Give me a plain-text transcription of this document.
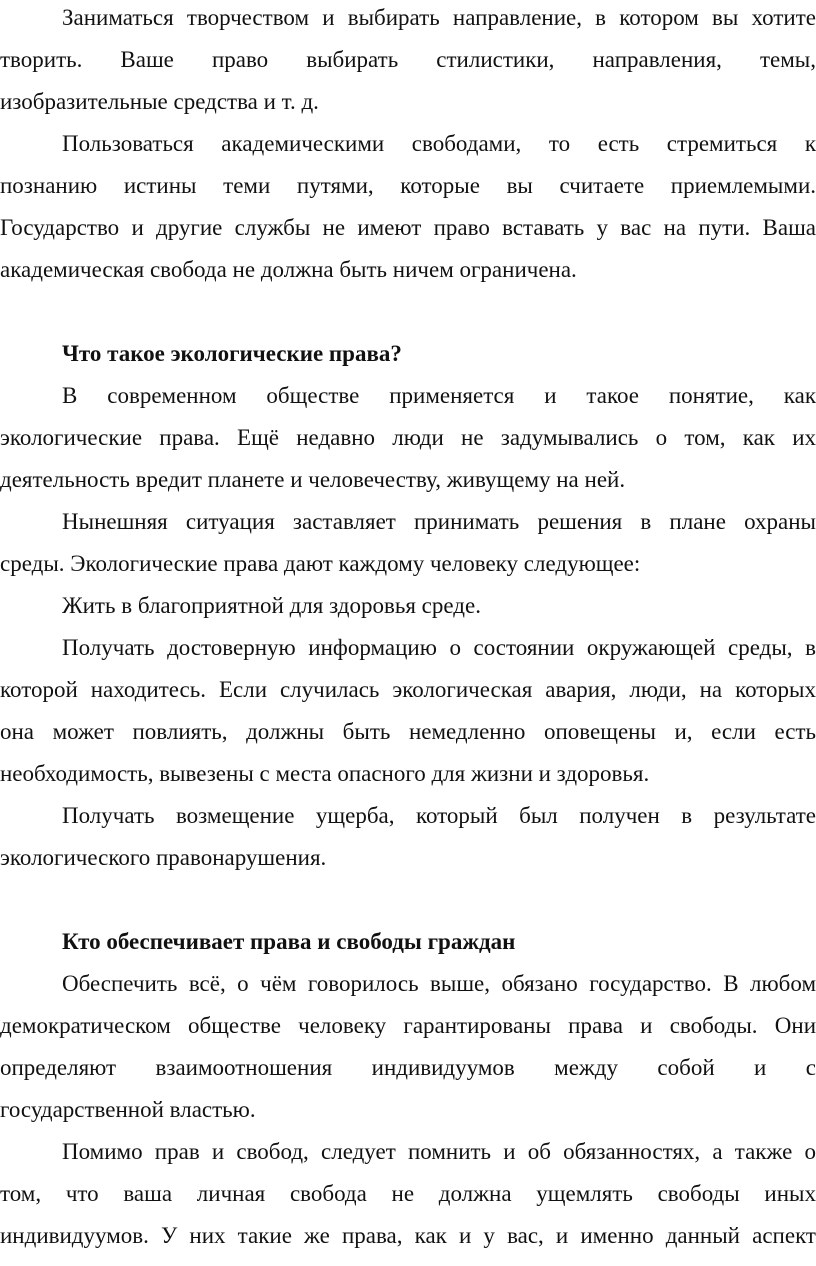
Заниматься творчеством и выбирать направление, в котором вы хотите
творить. Ваше право выбирать стилистики, направления, темы,
изобразительные средства и т. д.
Пользоваться академическими свободами, то есть стремиться к
познанию истины теми путями, которые вы считаете приемлемыми.
Государство и другие службы не имеют право вставать у вас на пути. Ваша
академическая свобода не должна быть ничем ограничена.
Что такое экологические права?
В современном обществе применяется и такое понятие, как
экологические права. Ещё недавно люди не задумывались о том, как их
деятельность вредит планете и человечеству, живущему на ней.
Нынешняя ситуация заставляет принимать решения в плане охраны
среды. Экологические права дают каждому человеку следующее:
Жить в благоприятной для здоровья среде.
Получать достоверную информацию о состоянии окружающей среды, в
которой находитесь. Если случилась экологическая авария, люди, на которых
она может повлиять, должны быть немедленно оповещены и, если есть
необходимость, вывезены с места опасного для жизни и здоровья.
Получать возмещение ущерба, который был получен в результате
экологического правонарушения.
Кто обеспечивает права и свободы граждан
Обеспечить всё, о чём говорилось выше, обязано государство. В любом
демократическом обществе человеку гарантированы права и свободы. Они
определяют взаимоотношения индивидуумов между собой и с
государственной властью.
Помимо прав и свобод, следует помнить и об обязанностях, а также о
том, что ваша личная свобода не должна ущемлять свободы иных
индивидуумов. У них такие же права, как и у вас, и именно данный аспект
